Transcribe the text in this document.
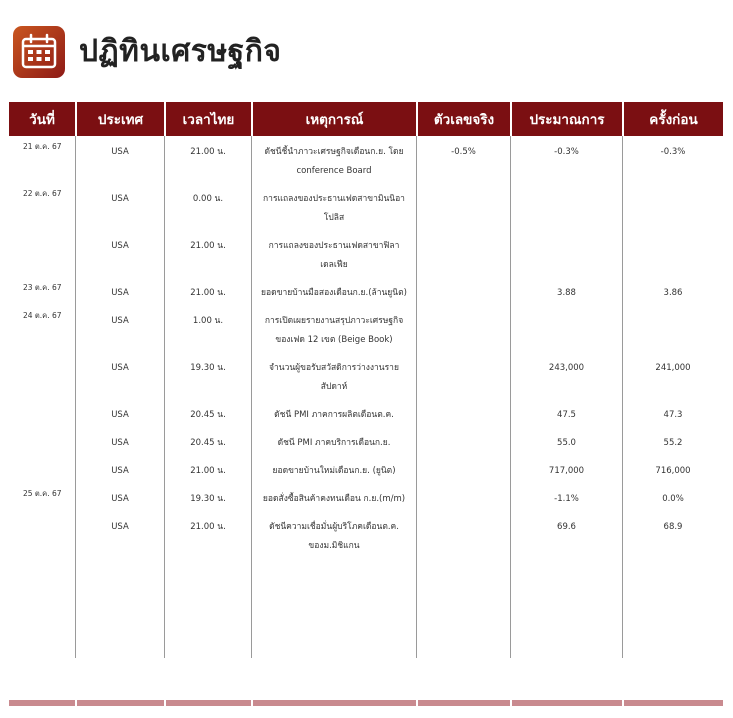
ปฏิทินเศรษฐกิจ
วันที่	ประเทศ	เวลาไทย	เหตุการณ์	ตัวเลขจริง	ประมาณการ	ครั้งก่อน
21 ต.ค. 67	USA	21.00 น.	ดัชนีชี้นำภาวะเศรษฐกิจเดือนก.ย. โดย conference Board	-0.5%	-0.3%	-0.3%
22 ต.ค. 67	USA	0.00 น.	การแถลงของประธานเฟดสาขามินนิอาโปลิส			
	USA	21.00 น.	การแถลงของประธานเฟดสาขาฟิลาเดลเฟีย			
23 ต.ค. 67	USA	21.00 น.	ยอดขายบ้านมือสองเดือนก.ย.(ล้านยูนิต)		3.88	3.86
24 ต.ค. 67	USA	1.00 น.	การเปิดเผยรายงานสรุปภาวะเศรษฐกิจของเฟด 12 เขต (Beige Book)			
	USA	19.30 น.	จำนวนผู้ขอรับสวัสดิการว่างงานรายสัปดาห์		243,000	241,000
	USA	20.45 น.	ดัชนี PMI ภาคการผลิตเดือนต.ค.		47.5	47.3
	USA	20.45 น.	ดัชนี PMI ภาคบริการเดือนก.ย.		55.0	55.2
	USA	21.00 น.	ยอดขายบ้านใหม่เดือนก.ย. (ยูนิต)		717,000	716,000
25 ต.ค. 67	USA	19.30 น.	ยอดสั่งซื้อสินค้าคงทนเดือน ก.ย.(m/m)		-1.1%	0.0%
	USA	21.00 น.	ดัชนีความเชื่อมั่นผู้บริโภคเดือนต.ค. ของม.มิชิแกน		69.6	68.9
